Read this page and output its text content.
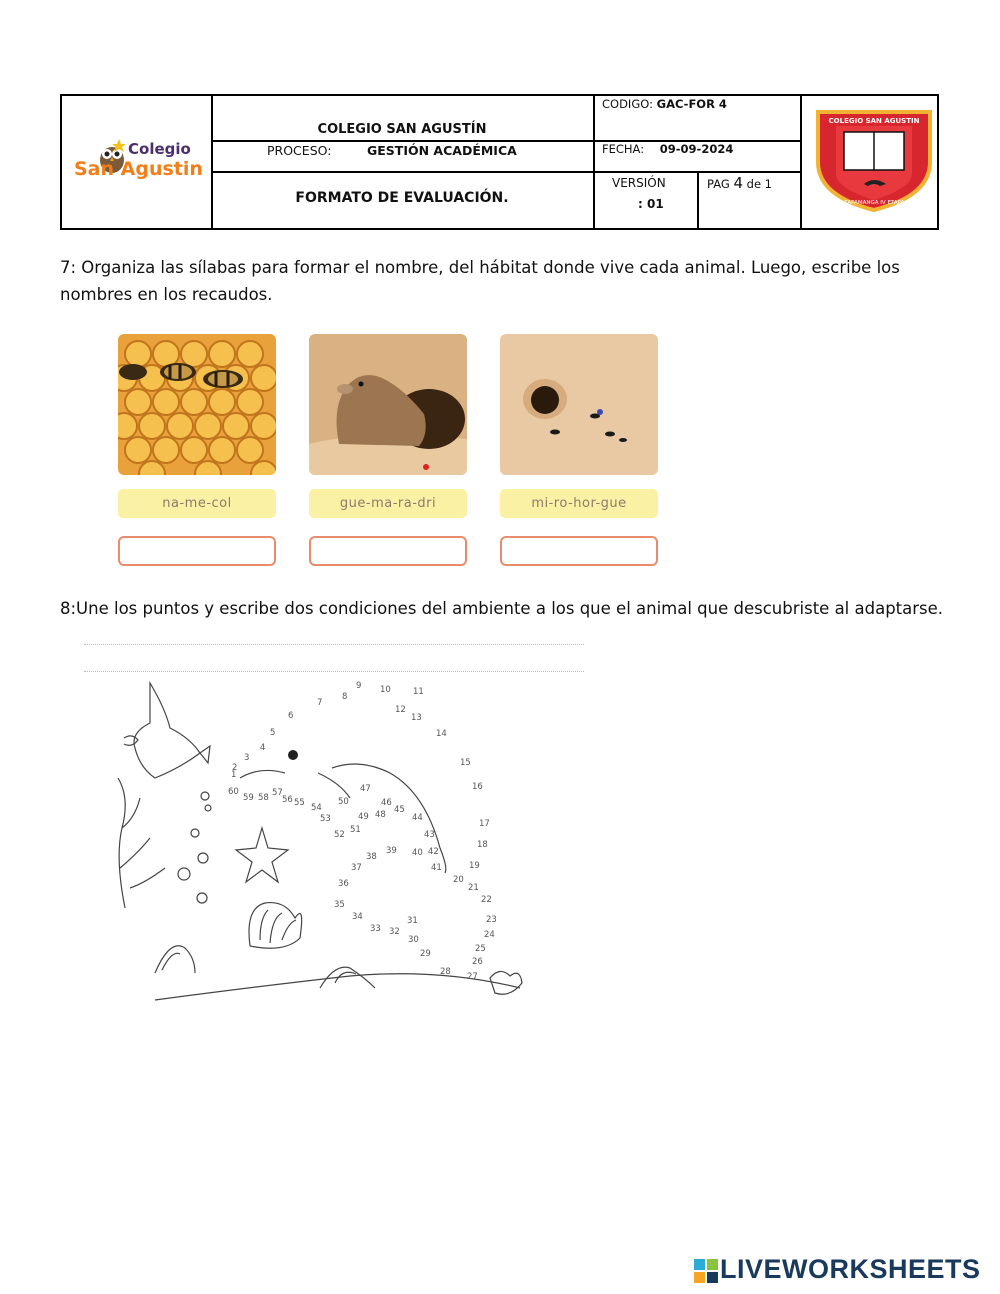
Colegio
San Agustin
COLEGIO SAN AGUSTÍN
PROCESO:	GESTIÓN ACADÉMICA
FORMATO DE EVALUACIÓN.
CODIGO: GAC-FOR 4
FECHA: 09-09-2024
VERSIÓN
: 01
PAG 4 de 1
COLEGIO SAN AGUSTIN
ZAPAMANGA IV ETAPA
7: Organiza las sílabas para formar el nombre, del hábitat donde vive cada animal. Luego, escribe los
nombres en los recaudos.
na-me-col	gue-ma-ra-dri	mi-ro-hor-gue
8:Une los puntos y escribe dos condiciones del ambiente a los que el animal que descubriste al adaptarse.
1
2
3
4
5
6
7
8
9 10	11
12
13
14
15
16
17
18
19
20
21
22
23
24
25
26
27
28
29
30
31
32
33
34
35
36
37
38
39 40
41
42
43
44
45
46
47
48
49
50
51
52
53
54
55
56
57
58
59
60
LIVEWORKSHEETS
